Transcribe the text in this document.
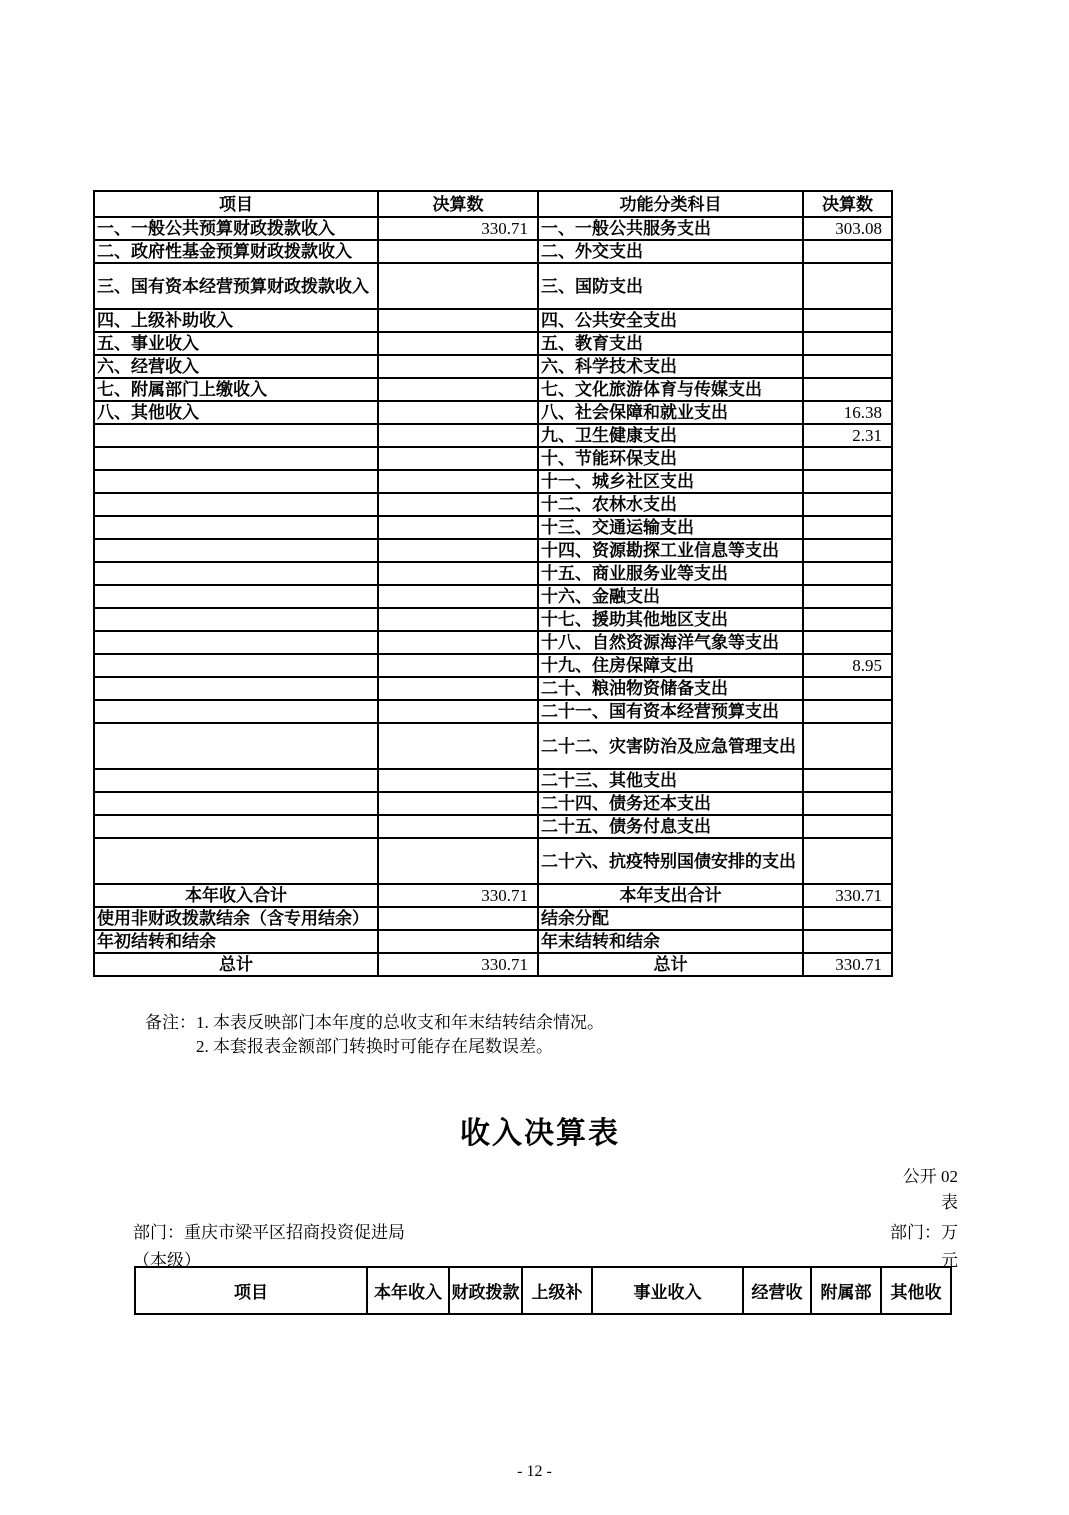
项目	决算数	功能分类科目	决算数
一、一般公共预算财政拨款收入	330.71	一、一般公共服务支出	303.08
二、政府性基金预算财政拨款收入		二、外交支出	
三、国有资本经营预算财政拨款收入		三、国防支出	
四、上级补助收入		四、公共安全支出	
五、事业收入		五、教育支出	
六、经营收入		六、科学技术支出	
七、附属部门上缴收入		七、文化旅游体育与传媒支出	
八、其他收入		八、社会保障和就业支出	16.38
		九、卫生健康支出	2.31
		十、节能环保支出	
		十一、城乡社区支出	
		十二、农林水支出	
		十三、交通运输支出	
		十四、资源勘探工业信息等支出	
		十五、商业服务业等支出	
		十六、金融支出	
		十七、援助其他地区支出	
		十八、自然资源海洋气象等支出	
		十九、住房保障支出	8.95
		二十、粮油物资储备支出	
		二十一、国有资本经营预算支出	
		二十二、灾害防治及应急管理支出	
		二十三、其他支出	
		二十四、债务还本支出	
		二十五、债务付息支出	
		二十六、抗疫特别国债安排的支出	
本年收入合计	330.71	本年支出合计	330.71
使用非财政拨款结余（含专用结余）		结余分配	
年初结转和结余		年末结转和结余	
总计	330.71	总计	330.71
备注： 1. 本表反映部门本年度的总收支和年末结转结余情况。
2. 本套报表金额部门转换时可能存在尾数误差。
收入决算表
公开 02
表
部门：重庆市梁平区招商投资促进局
（本级）
部门：万
元
项目	本年收入	财政拨款	上级补	事业收入	经营收	附属部	其他收
- 12 -
